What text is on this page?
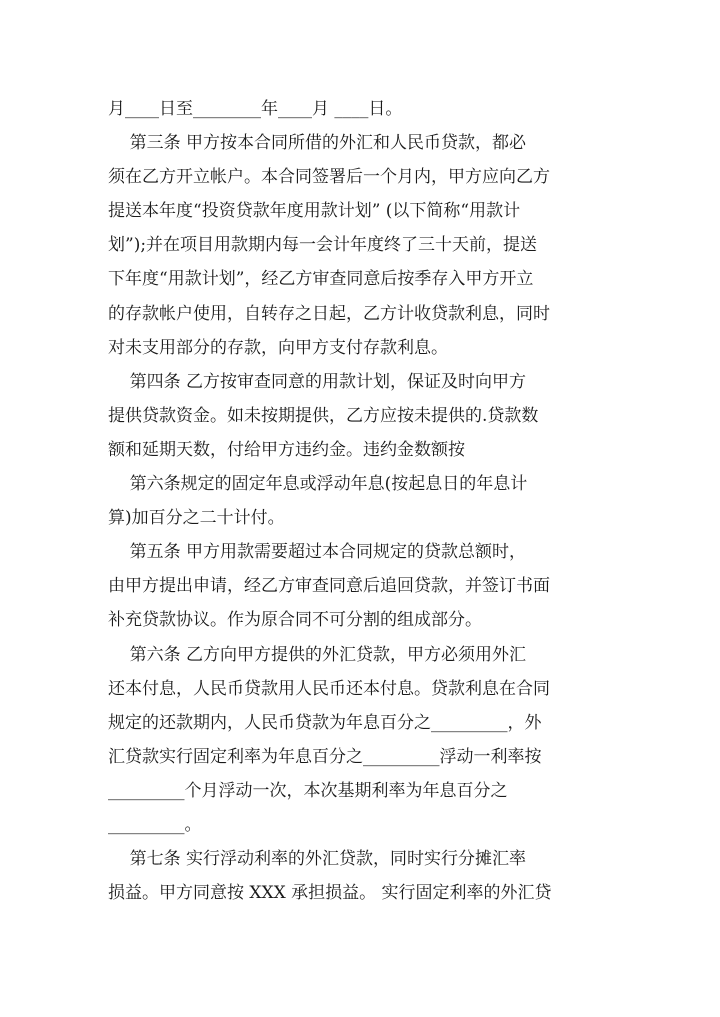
月____日至________年____月 ____日。
第三条 甲方按本合同所借的外汇和人民币贷款，都必
须在乙方开立帐户。本合同签署后一个月内，甲方应向乙方
提送本年度“投资贷款年度用款计划” (以下简称“用款计
划”);并在项目用款期内每一会计年度终了三十天前，提送
下年度“用款计划”，经乙方审查同意后按季存入甲方开立
的存款帐户使用，自转存之日起，乙方计收贷款利息，同时
对未支用部分的存款，向甲方支付存款利息。
第四条 乙方按审查同意的用款计划，保证及时向甲方
提供贷款资金。如未按期提供，乙方应按未提供的.贷款数
额和延期天数，付给甲方违约金。违约金数额按
第六条规定的固定年息或浮动年息(按起息日的年息计
算)加百分之二十计付。
第五条 甲方用款需要超过本合同规定的贷款总额时，
由甲方提出申请，经乙方审查同意后追回贷款，并签订书面
补充贷款协议。作为原合同不可分割的组成部分。
第六条 乙方向甲方提供的外汇贷款，甲方必须用外汇
还本付息，人民币贷款用人民币还本付息。贷款利息在合同
规定的还款期内，人民币贷款为年息百分之_________，外
汇贷款实行固定利率为年息百分之_________浮动一利率按
_________个月浮动一次，本次基期利率为年息百分之
_________。
第七条 实行浮动利率的外汇贷款，同时实行分摊汇率
损益。甲方同意按 XXX 承担损益。 实行固定利率的外汇贷
